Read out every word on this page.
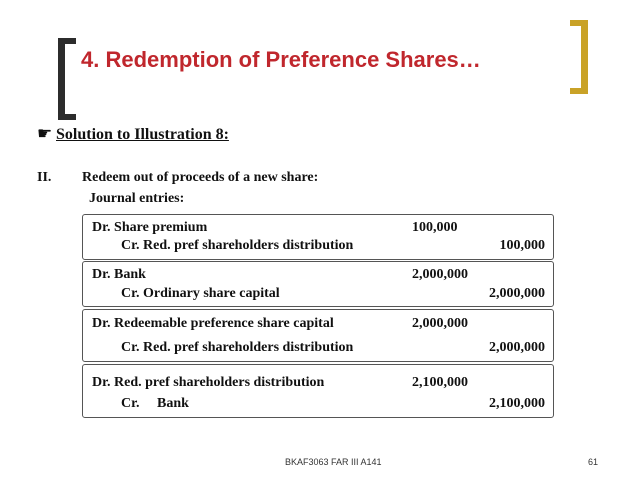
4. Redemption of Preference Shares…
☛ Solution to Illustration 8:
II. Redeem out of proceeds of a new share:
Journal entries:
Dr. Share premium	100,000
Cr. Red. pref shareholders distribution	100,000
Dr. Bank	2,000,000
Cr. Ordinary share capital	2,000,000
Dr. Redeemable preference share capital	2,000,000
Cr. Red. pref shareholders distribution	2,000,000
Dr. Red. pref shareholders distribution	2,100,000
Cr.     Bank	2,100,000
BKAF3063 FAR III A141	61
